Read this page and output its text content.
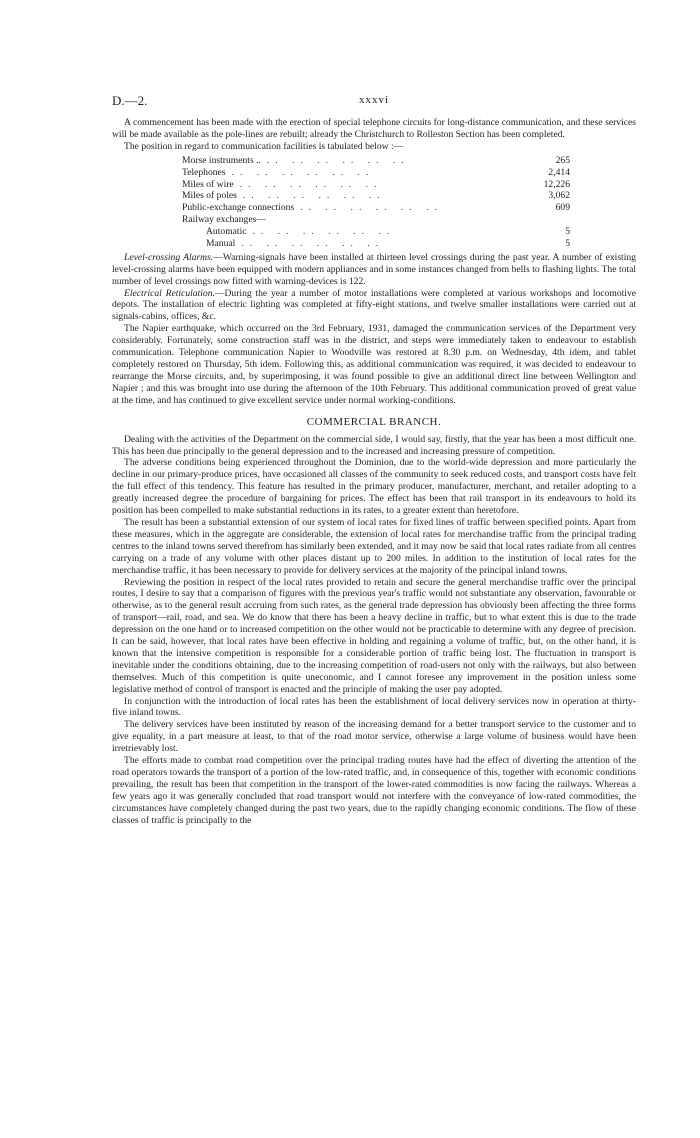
D.—2.	xxxvi

A commencement has been made with the erection of special telephone circuits for long-distance communication, and these services will be made available as the pole-lines are rebuilt; already the Christchurch to Rolleston Section has been completed.

The position in regard to communication facilities is tabulated below :—

Morse instruments .. .. .. .. .. .. ..	265
Telephones .. .. .. .. .. ..	2,414
Miles of wire .. .. .. .. .. ..	12,226
Miles of poles .. .. .. .. .. ..	3,062
Public-exchange connections .. .. .. .. .. ..	609
Railway exchanges—
Automatic .. .. .. .. .. ..	5
Manual .. .. .. .. .. ..	5

Level-crossing Alarms.—Warning-signals have been installed at thirteen level crossings during the past year. A number of existing level-crossing alarms have been equipped with modern appliances and in some instances changed from bells to flashing lights. The total number of level crossings now fitted with warning-devices is 122.

Electrical Reticulation.—During the year a number of motor installations were completed at various workshops and locomotive depots. The installation of electric lighting was completed at fifty-eight stations, and twelve smaller installations were carried out at signals-cabins, offices, &c.

The Napier earthquake, which occurred on the 3rd February, 1931, damaged the communication services of the Department very considerably. Fortunately, some construction staff was in the district, and steps were immediately taken to endeavour to establish communication. Telephone communication Napier to Woodville was restored at 8.30 p.m. on Wednesday, 4th idem, and tablet completely restored on Thursday, 5th idem. Following this, as additional communication was required, it was decided to endeavour to rearrange the Morse circuits, and, by superimposing, it was found possible to give an additional direct line between Wellington and Napier ; and this was brought into use during the afternoon of the 10th February. This additional communication proved of great value at the time, and has continued to give excellent service under normal working-conditions.

COMMERCIAL BRANCH.

Dealing with the activities of the Department on the commercial side, I would say, firstly, that the year has been a most difficult one. This has been due principally to the general depression and to the increased and increasing pressure of competition.

The adverse conditions being experienced throughout the Dominion, due to the world-wide depression and more particularly the decline in our primary-produce prices, have occasioned all classes of the community to seek reduced costs, and transport costs have felt the full effect of this tendency. This feature has resulted in the primary producer, manufacturer, merchant, and retailer adopting to a greatly increased degree the procedure of bargaining for prices. The effect has been that rail transport in its endeavours to hold its position has been compelled to make substantial reductions in its rates, to a greater extent than heretofore.

The result has been a substantial extension of our system of local rates for fixed lines of traffic between specified points. Apart from these measures, which in the aggregate are considerable, the extension of local rates for merchandise traffic from the principal trading centres to the inland towns served therefrom has similarly been extended, and it may now be said that local rates radiate from all centres carrying on a trade of any volume with other places distant up to 200 miles. In addition to the institution of local rates for the merchandise traffic, it has been necessary to provide for delivery services at the majority of the principal inland towns.

Reviewing the position in respect of the local rates provided to retain and secure the general merchandise traffic over the principal routes, I desire to say that a comparison of figures with the previous year's traffic would not substantiate any observation, favourable or otherwise, as to the general result accruing from such rates, as the general trade depression has obviously been affecting the three forms of transport—rail, road, and sea. We do know that there has been a heavy decline in traffic, but to what extent this is due to the trade depression on the one hand or to increased competition on the other would not be practicable to determine with any degree of precision. It can be said, however, that local rates have been effective in holding and regaining a volume of traffic, but, on the other hand, it is known that the intensive competition is responsible for a considerable portion of traffic being lost. The fluctuation in transport is inevitable under the conditions obtaining, due to the increasing competition of road-users not only with the railways, but also between themselves. Much of this competition is quite uneconomic, and I cannot foresee any improvement in the position unless some legislative method of control of transport is enacted and the principle of making the user pay adopted.

In conjunction with the introduction of local rates has been the establishment of local delivery services now in operation at thirty-five inland towns.

The delivery services have been instituted by reason of the increasing demand for a better transport service to the customer and to give equality, in a part measure at least, to that of the road motor service, otherwise a large volume of business would have been irretrievably lost.

The efforts made to combat road competition over the principal trading routes have had the effect of diverting the attention of the road operators towards the transport of a portion of the low-rated traffic, and, in consequence of this, together with economic conditions prevailing, the result has been that competition in the transport of the lower-rated commodities is now facing the railways. Whereas a few years ago it was generally concluded that road transport would not interfere with the conveyance of low-rated commodities, the circumstances have completely changed during the past two years, due to the rapidly changing economic conditions. The flow of these classes of traffic is principally to the
